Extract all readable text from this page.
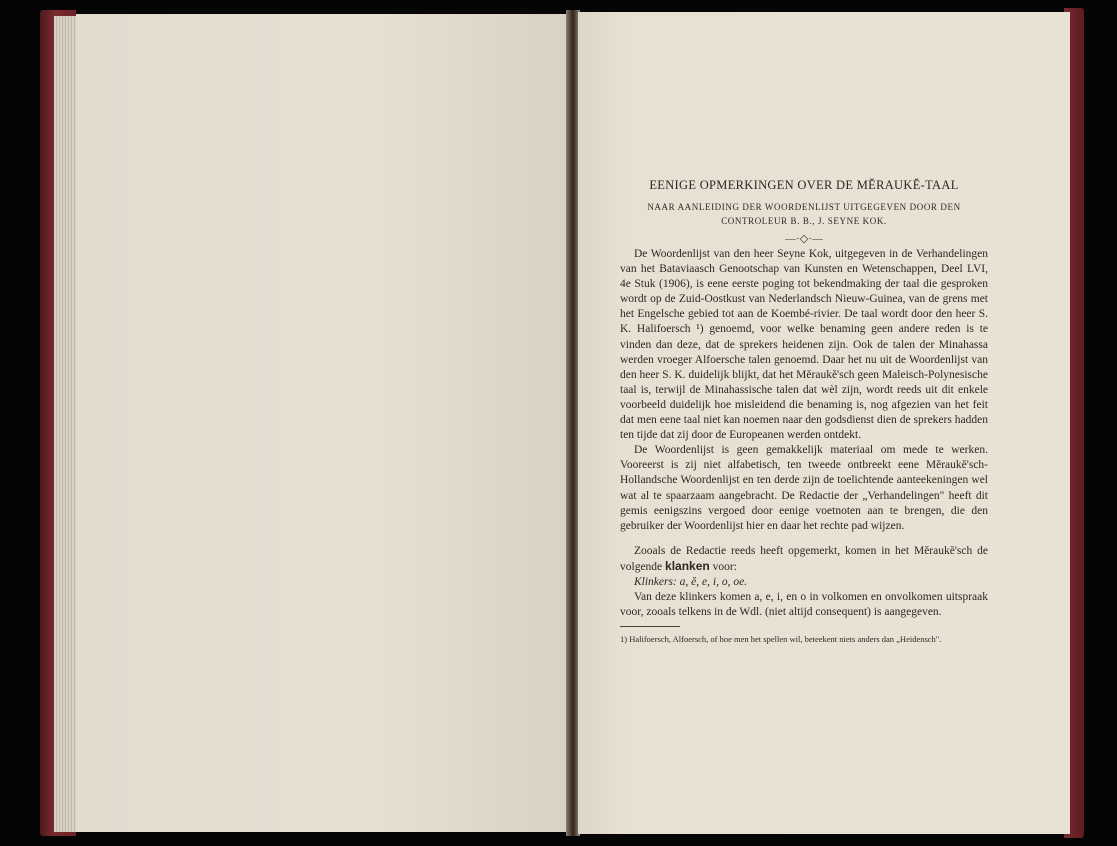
EENIGE OPMERKINGEN OVER DE MĔRAUKĔ-TAAL

NAAR AANLEIDING DER WOORDENLIJST UITGEGEVEN DOOR DEN
CONTROLEUR B. B., J. SEYNE KOK.

—·◇·—

De Woordenlijst van den heer Seyne Kok, uitgegeven in de Verhandelingen van het Bataviaasch Genootschap van Kunsten en Wetenschappen, Deel LVI, 4e Stuk (1906), is eene eerste poging tot bekendmaking der taal die gesproken wordt op de Zuid-Oostkust van Nederlandsch Nieuw-Guinea, van de grens met het Engelsche gebied tot aan de Koembé-rivier. De taal wordt door den heer S. K. Halifoersch ¹) genoemd, voor welke benaming geen andere reden is te vinden dan deze, dat de sprekers heidenen zijn. Ook de talen der Minahassa werden vroeger Alfoersche talen genoemd. Daar het nu uit de Woordenlijst van den heer S. K. duidelijk blijkt, dat het Mĕraukĕ'sch geen Maleisch-Polynesische taal is, terwijl de Minahassische talen dat wèl zijn, wordt reeds uit dit enkele voorbeeld duidelijk hoe misleidend die benaming is, nog afgezien van het feit dat men eene taal niet kan noemen naar den godsdienst dien de sprekers hadden ten tijde dat zij door de Europeanen werden ontdekt.

De Woordenlijst is geen gemakkelijk materiaal om mede te werken. Vooreerst is zij niet alfabetisch, ten tweede ontbreekt eene Mĕraukĕ'sch-Hollandsche Woordenlijst en ten derde zijn de toelichtende aanteekeningen wel wat al te spaarzaam aangebracht. De Redactie der „Verhandelingen" heeft dit gemis eenigszins vergoed door eenige voetnoten aan te brengen, die den gebruiker der Woordenlijst hier en daar het rechte pad wijzen.

Zooals de Redactie reeds heeft opgemerkt, komen in het Mĕraukĕ'sch de volgende klanken voor:

Klinkers: a, ĕ, e, i, o, oe.

Van deze klinkers komen a, e, i, en o in volkomen en onvolkomen uitspraak voor, zooals telkens in de Wdl. (niet altijd consequent) is aangegeven.

1) Halifoersch, Alfoersch, of hoe men het spellen wil, beteekent niets anders dan „Heidensch".
